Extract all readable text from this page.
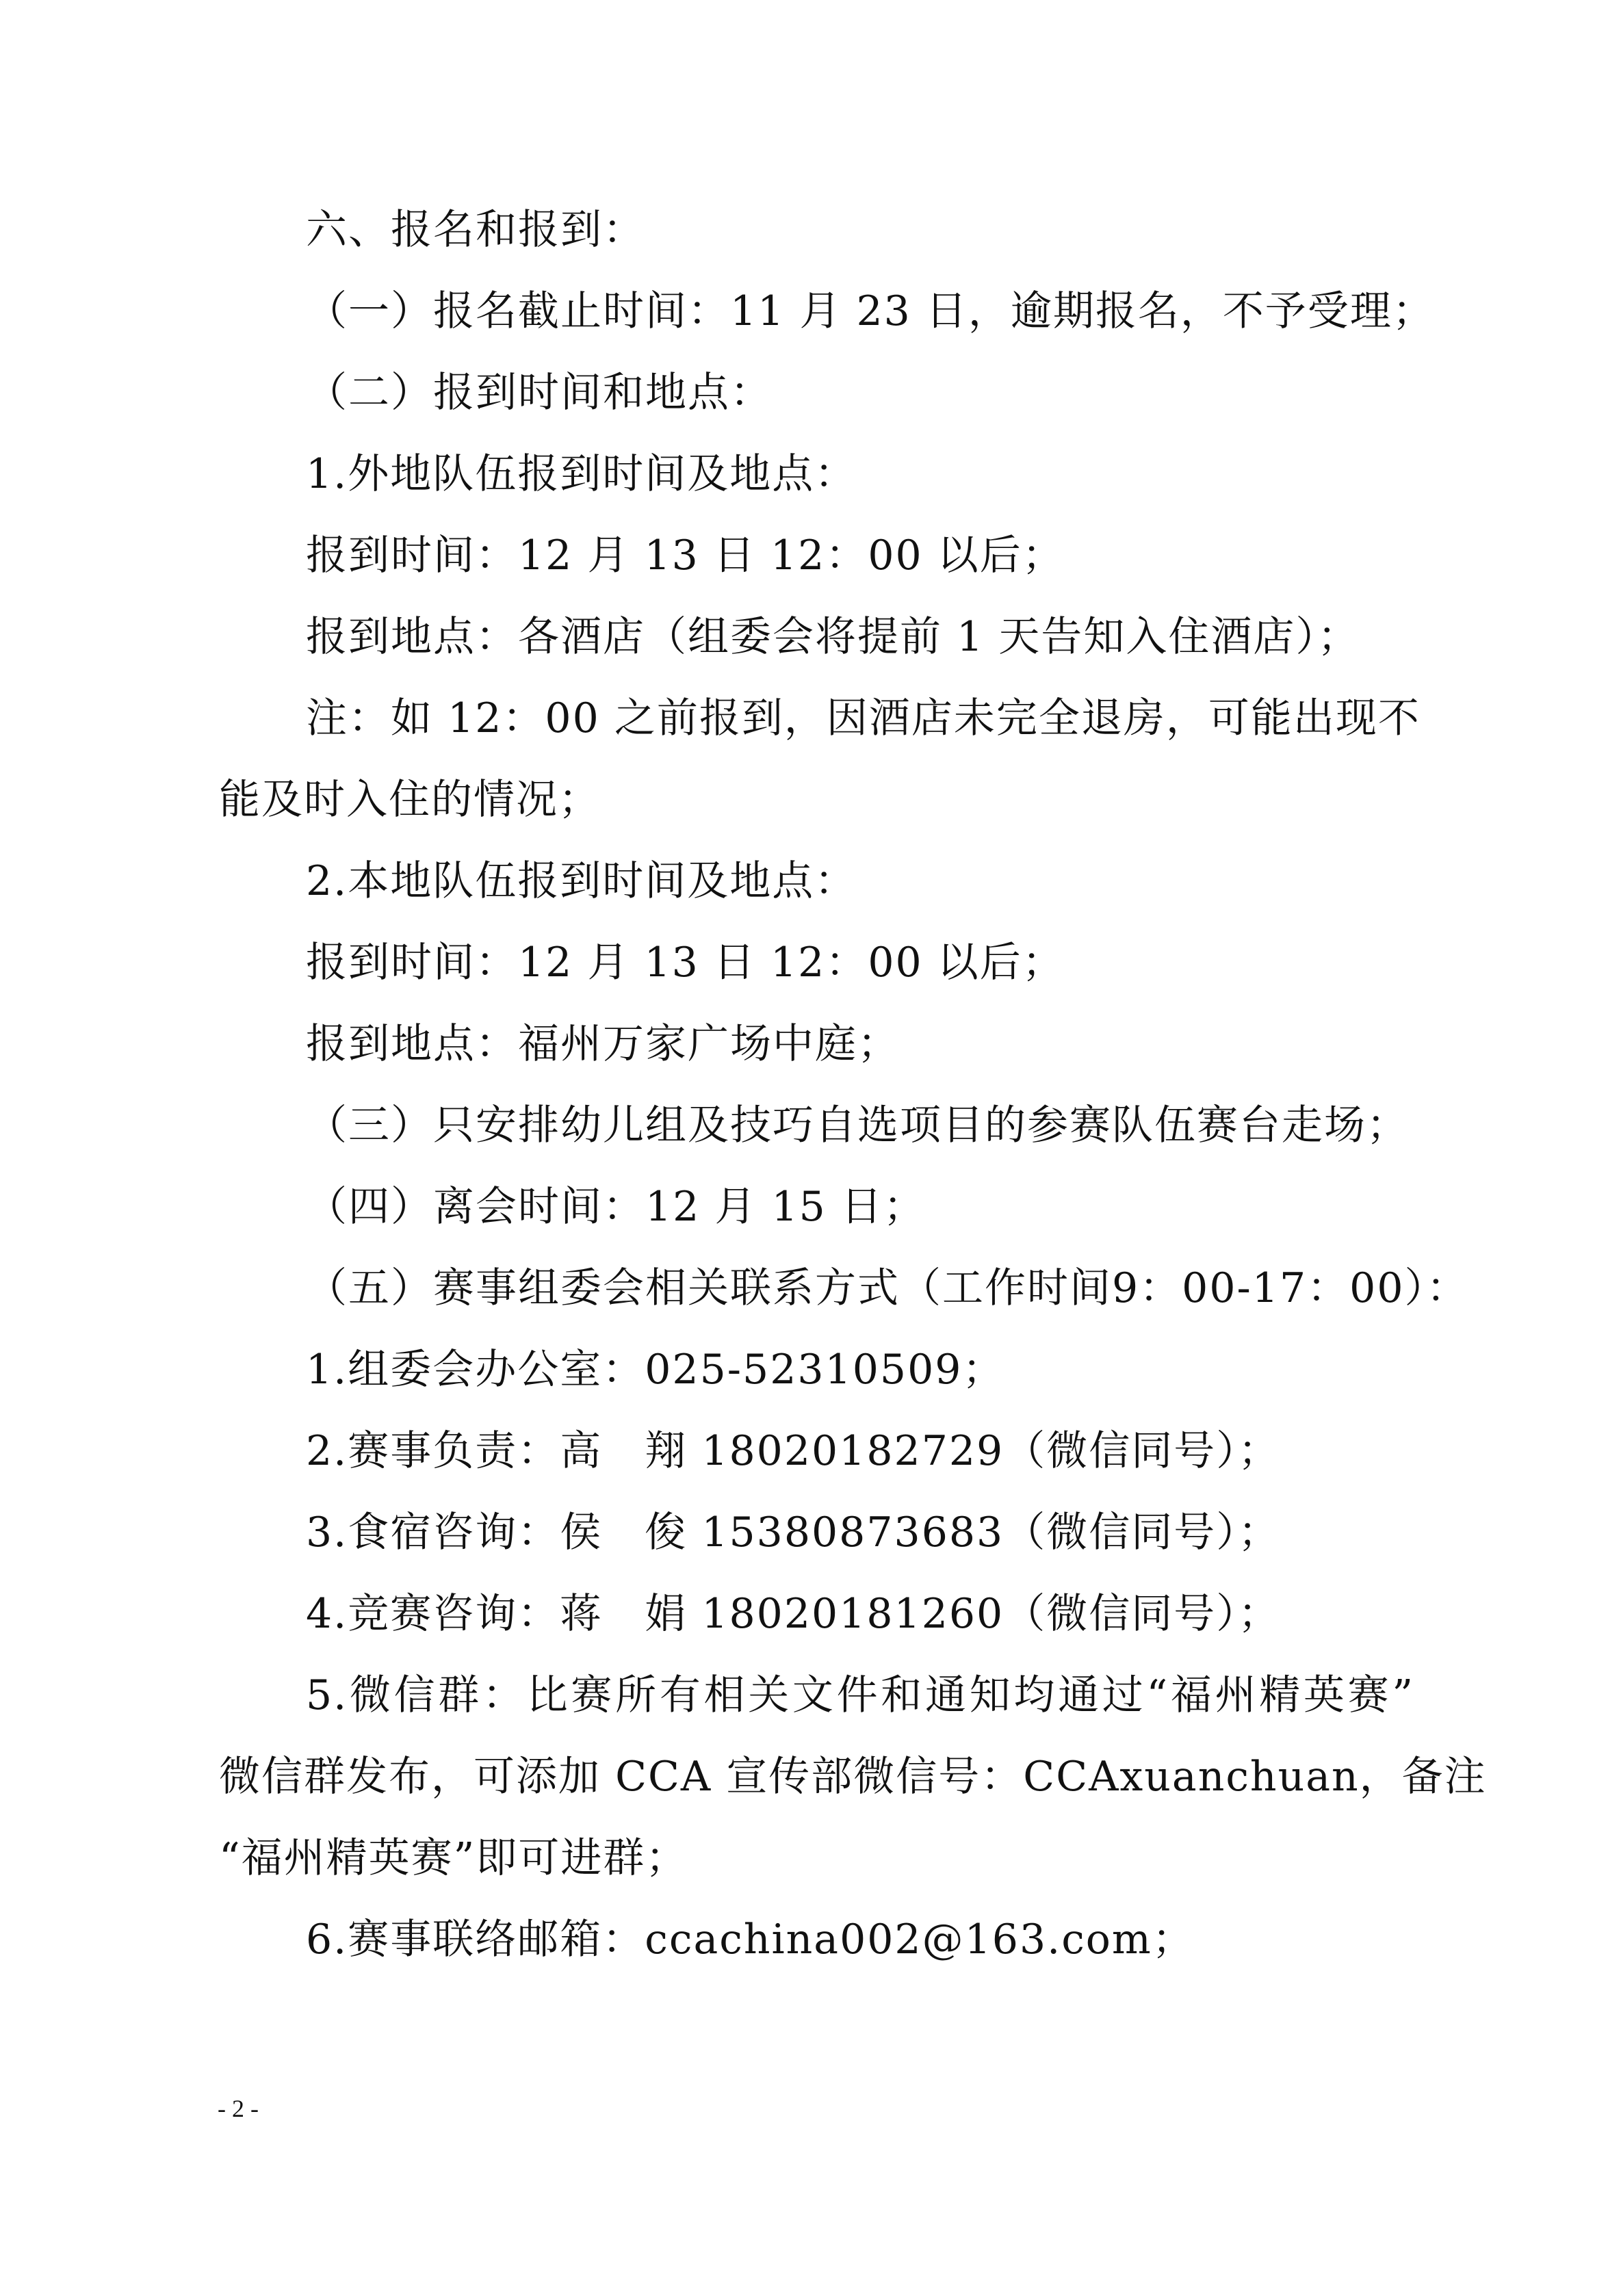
六、报名和报到：
（一）报名截止时间：11 月 23 日，逾期报名，不予受理；
（二）报到时间和地点：
1.外地队伍报到时间及地点：
报到时间：12 月 13 日 12：00 以后；
报到地点：各酒店（组委会将提前 1 天告知入住酒店）；
注：如 12：00 之前报到，因酒店未完全退房，可能出现不
能及时入住的情况；
2.本地队伍报到时间及地点：
报到时间：12 月 13 日 12：00 以后；
报到地点：福州万家广场中庭；
（三）只安排幼儿组及技巧自选项目的参赛队伍赛台走场；
（四）离会时间：12 月 15 日；
（五）赛事组委会相关联系方式（工作时间9：00-17：00）：
1.组委会办公室：025-52310509；
2.赛事负责：高　翔 18020182729（微信同号）；
3.食宿咨询：侯　俊 15380873683（微信同号）；
4.竞赛咨询：蒋　娟 18020181260（微信同号）；
5.微信群：比赛所有相关文件和通知均通过“福州精英赛”
微信群发布，可添加 CCA 宣传部微信号：CCAxuanchuan，备注
“福州精英赛”即可进群；
6.赛事联络邮箱：ccachina002@163.com；
- 2 -
